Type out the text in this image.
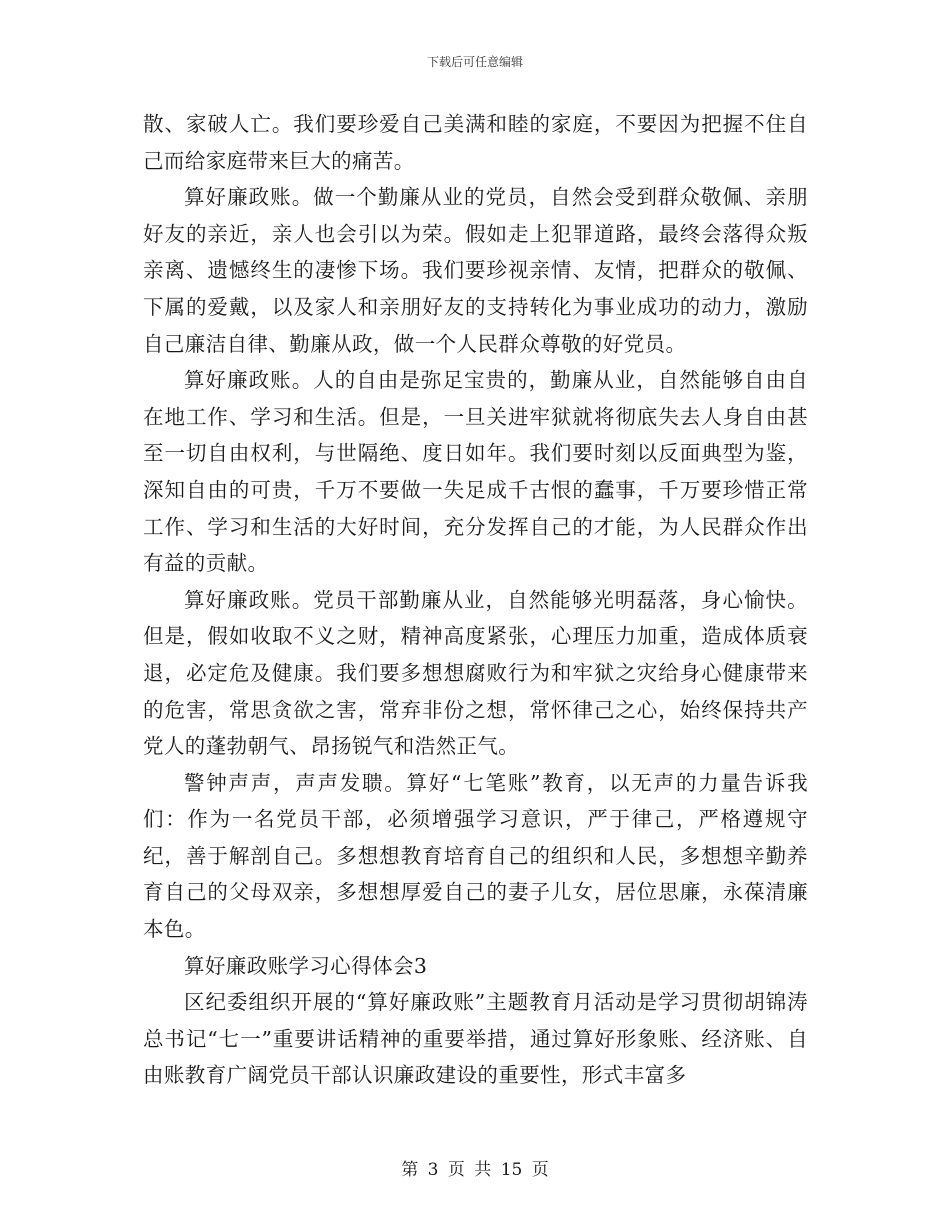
下载后可任意编辑

散、家破人亡。我们要珍爱自己美满和睦的家庭，不要因为把握不住自己而给家庭带来巨大的痛苦。

算好廉政账。做一个勤廉从业的党员，自然会受到群众敬佩、亲朋好友的亲近，亲人也会引以为荣。假如走上犯罪道路，最终会落得众叛亲离、遗憾终生的凄惨下场。我们要珍视亲情、友情，把群众的敬佩、下属的爱戴，以及家人和亲朋好友的支持转化为事业成功的动力，激励自己廉洁自律、勤廉从政，做一个人民群众尊敬的好党员。

算好廉政账。人的自由是弥足宝贵的，勤廉从业，自然能够自由自在地工作、学习和生活。但是，一旦关进牢狱就将彻底失去人身自由甚至一切自由权利，与世隔绝、度日如年。我们要时刻以反面典型为鉴，深知自由的可贵，千万不要做一失足成千古恨的蠢事，千万要珍惜正常工作、学习和生活的大好时间，充分发挥自己的才能，为人民群众作出有益的贡献。

算好廉政账。党员干部勤廉从业，自然能够光明磊落，身心愉快。但是，假如收取不义之财，精神高度紧张，心理压力加重，造成体质衰退，必定危及健康。我们要多想想腐败行为和牢狱之灾给身心健康带来的危害，常思贪欲之害，常弃非份之想，常怀律己之心，始终保持共产党人的蓬勃朝气、昂扬锐气和浩然正气。

警钟声声，声声发聩。算好“七笔账”教育，以无声的力量告诉我们：作为一名党员干部，必须增强学习意识，严于律己，严格遵规守纪，善于解剖自己。多想想教育培育自己的组织和人民，多想想辛勤养育自己的父母双亲，多想想厚爱自己的妻子儿女，居位思廉，永葆清廉本色。

算好廉政账学习心得体会3

区纪委组织开展的“算好廉政账”主题教育月活动是学习贯彻胡锦涛总书记“七一”重要讲话精神的重要举措，通过算好形象账、经济账、自由账教育广阔党员干部认识廉政建设的重要性，形式丰富多

第 3 页 共 15 页
